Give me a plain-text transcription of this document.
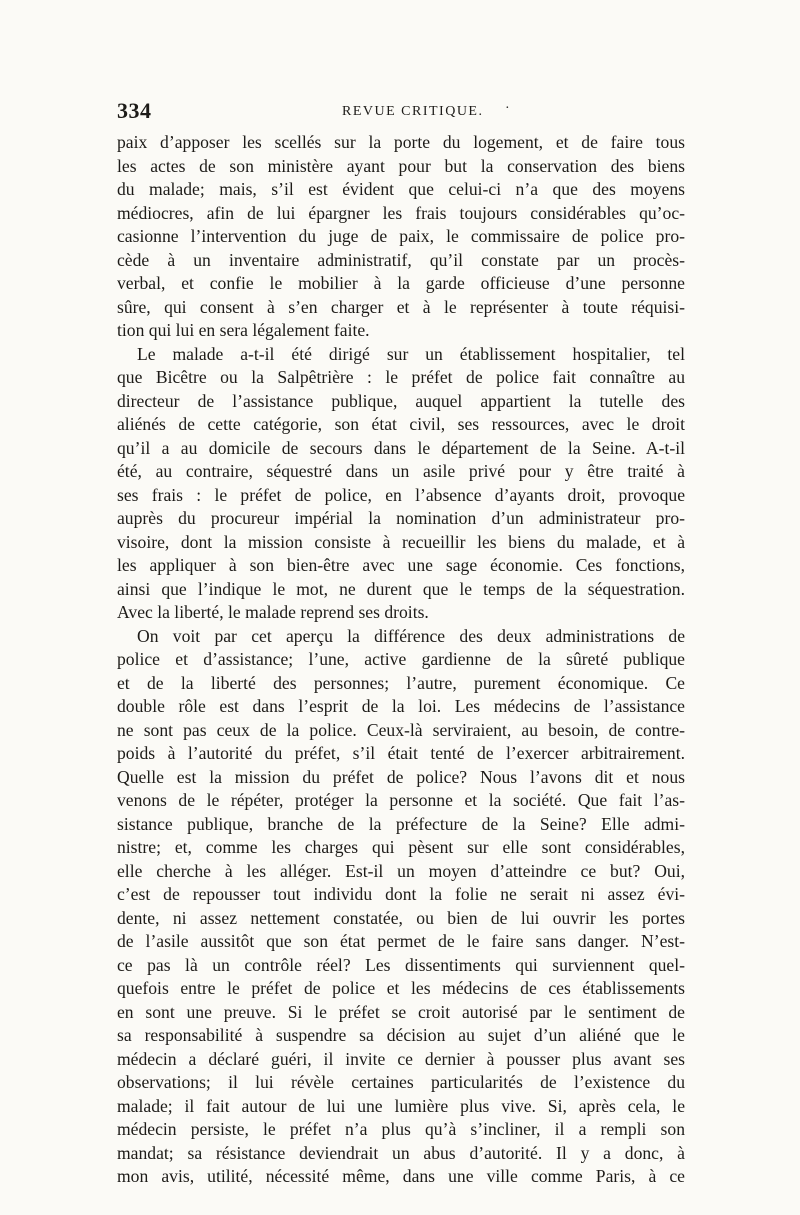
334	REVUE CRITIQUE. ·
paix d’apposer les scellés sur la porte du logement, et de faire tous
les actes de son ministère ayant pour but la conservation des biens
du malade; mais, s’il est évident que celui-ci n’a que des moyens
médiocres, afin de lui épargner les frais toujours considérables qu’oc-
casionne l’intervention du juge de paix, le commissaire de police pro-
cède à un inventaire administratif, qu’il constate par un procès-
verbal, et confie le mobilier à la garde officieuse d’une personne
sûre, qui consent à s’en charger et à le représenter à toute réquisi-
tion qui lui en sera légalement faite.
Le malade a-t-il été dirigé sur un établissement hospitalier, tel
que Bicêtre ou la Salpêtrière : le préfet de police fait connaître au
directeur de l’assistance publique, auquel appartient la tutelle des
aliénés de cette catégorie, son état civil, ses ressources, avec le droit
qu’il a au domicile de secours dans le département de la Seine. A-t-il
été, au contraire, séquestré dans un asile privé pour y être traité à
ses frais : le préfet de police, en l’absence d’ayants droit, provoque
auprès du procureur impérial la nomination d’un administrateur pro-
visoire, dont la mission consiste à recueillir les biens du malade, et à
les appliquer à son bien-être avec une sage économie. Ces fonctions,
ainsi que l’indique le mot, ne durent que le temps de la séquestration.
Avec la liberté, le malade reprend ses droits.
On voit par cet aperçu la différence des deux administrations de
police et d’assistance; l’une, active gardienne de la sûreté publique
et de la liberté des personnes; l’autre, purement économique. Ce
double rôle est dans l’esprit de la loi. Les médecins de l’assistance
ne sont pas ceux de la police. Ceux-là serviraient, au besoin, de contre-
poids à l’autorité du préfet, s’il était tenté de l’exercer arbitrairement.
Quelle est la mission du préfet de police? Nous l’avons dit et nous
venons de le répéter, protéger la personne et la société. Que fait l’as-
sistance publique, branche de la préfecture de la Seine? Elle admi-
nistre; et, comme les charges qui pèsent sur elle sont considérables,
elle cherche à les alléger. Est-il un moyen d’atteindre ce but? Oui,
c’est de repousser tout individu dont la folie ne serait ni assez évi-
dente, ni assez nettement constatée, ou bien de lui ouvrir les portes
de l’asile aussitôt que son état permet de le faire sans danger. N’est-
ce pas là un contrôle réel? Les dissentiments qui surviennent quel-
quefois entre le préfet de police et les médecins de ces établissements
en sont une preuve. Si le préfet se croit autorisé par le sentiment de
sa responsabilité à suspendre sa décision au sujet d’un aliéné que le
médecin a déclaré guéri, il invite ce dernier à pousser plus avant ses
observations; il lui révèle certaines particularités de l’existence du
malade; il fait autour de lui une lumière plus vive. Si, après cela, le
médecin persiste, le préfet n’a plus qu’à s’incliner, il a rempli son
mandat; sa résistance deviendrait un abus d’autorité. Il y a donc, à
mon avis, utilité, nécessité même, dans une ville comme Paris, à ce
